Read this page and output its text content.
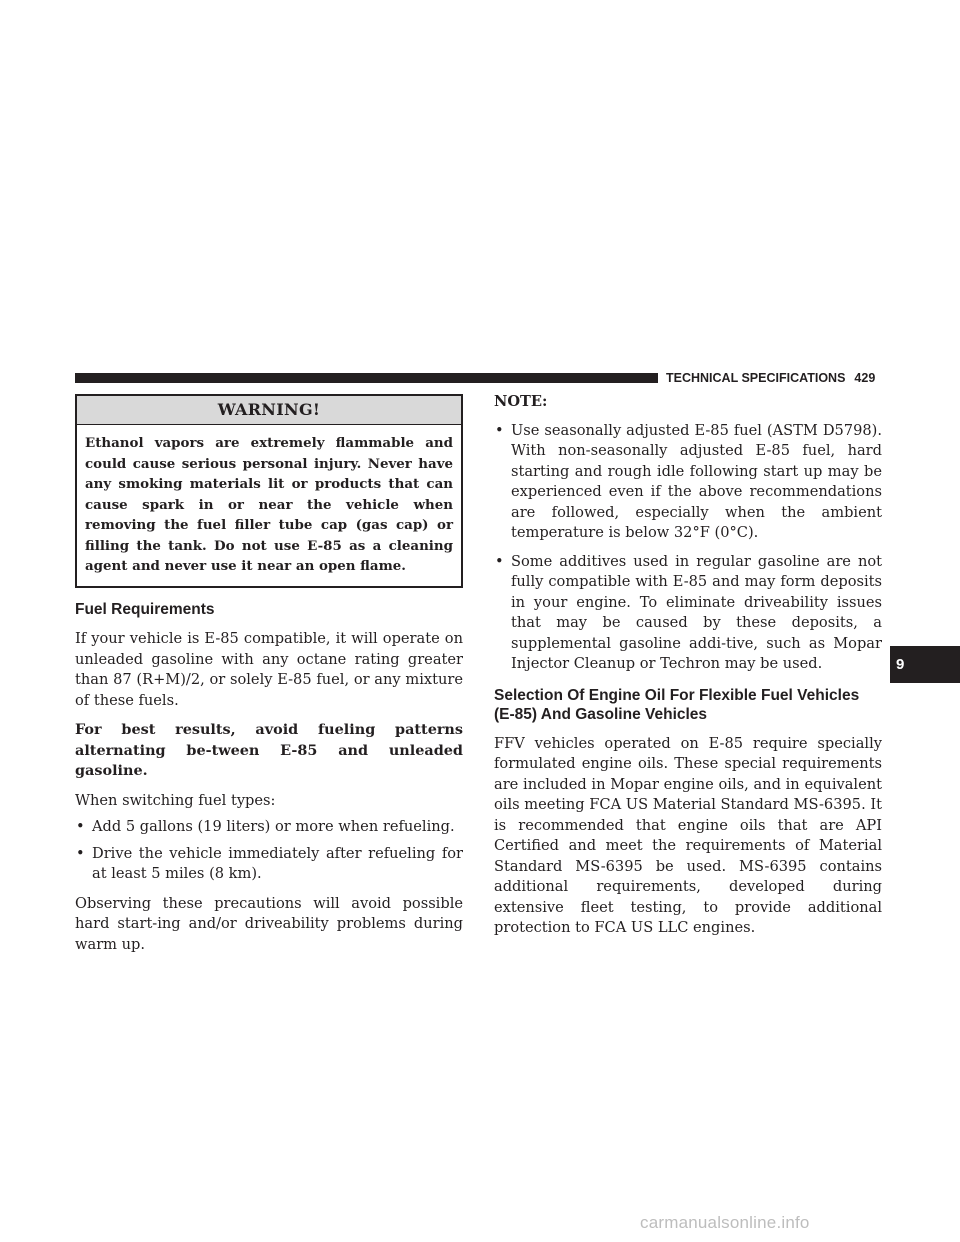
TECHNICAL SPECIFICATIONS 429
WARNING!
Ethanol vapors are extremely flammable and could cause serious personal injury. Never have any smoking materials lit or products that can cause spark in or near the vehicle when removing the fuel filler tube cap (gas cap) or filling the tank. Do not use E-85 as a cleaning agent and never use it near an open flame.
Fuel Requirements

If your vehicle is E-85 compatible, it will operate on unleaded gasoline with any octane rating greater than 87 (R+M)/2, or solely E-85 fuel, or any mixture of these fuels.

For best results, avoid fueling patterns alternating be-tween E-85 and unleaded gasoline.

When switching fuel types:

• Add 5 gallons (19 liters) or more when refueling.
• Drive the vehicle immediately after refueling for at least 5 miles (8 km).

Observing these precautions will avoid possible hard start-ing and/or driveability problems during warm up.

NOTE:

• Use seasonally adjusted E-85 fuel (ASTM D5798). With non-seasonally adjusted E-85 fuel, hard starting and rough idle following start up may be experienced even if the above recommendations are followed, especially when the ambient temperature is below 32°F (0°C).
• Some additives used in regular gasoline are not fully compatible with E-85 and may form deposits in your engine. To eliminate driveability issues that may be caused by these deposits, a supplemental gasoline addi-tive, such as Mopar Injector Cleanup or Techron may be used.
Selection Of Engine Oil For Flexible Fuel Vehicles (E-85) And Gasoline Vehicles

FFV vehicles operated on E-85 require specially formulated engine oils. These special requirements are included in Mopar engine oils, and in equivalent oils meeting FCA US Material Standard MS-6395. It is recommended that engine oils that are API Certified and meet the requirements of Material Standard MS-6395 be used. MS-6395 contains additional requirements, developed during extensive fleet testing, to provide additional protection to FCA US LLC engines.

9
carmanualsonline.info
